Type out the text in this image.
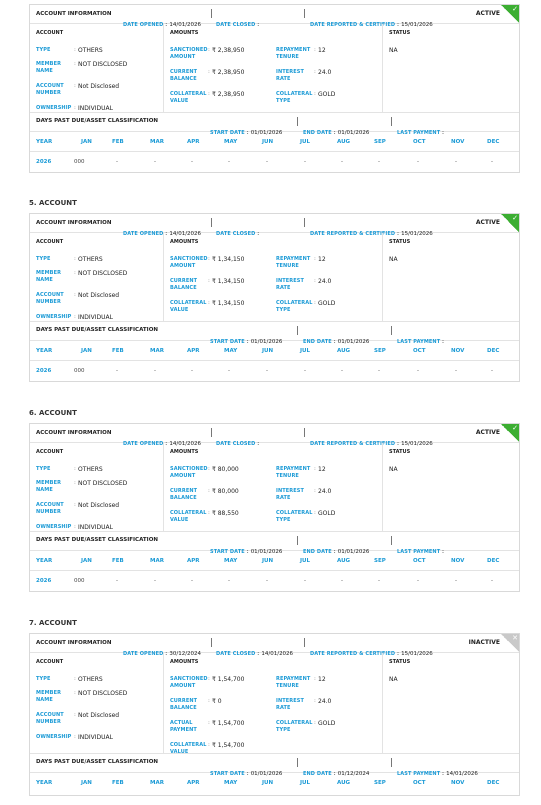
ACCOUNT INFORMATION
DATE OPENED : 14/01/2026	DATE CLOSED :	DATE REPORTED & CERTIFIED : 15/01/2026
ACTIVE
✓
ACCOUNT
TYPE	: OTHERS
MEMBER NAME
: NOT DISCLOSED
ACCOUNT NUMBER
: Not Disclosed
OWNERSHIP : INDIVIDUAL
AMOUNTS
SANCTIONED AMOUNT
: ₹ 2,38,950
CURRENT BALANCE
: ₹ 2,38,950
COLLATERAL VALUE
: ₹ 2,38,950
REPAYMENT TENURE
: 12
INTEREST RATE
: 24.0
COLLATERAL TYPE
: GOLD
STATUS
NA
DAYS PAST DUE/ASSET CLASSIFICATION
START DATE : 01/01/2026	END DATE : 01/01/2026	LAST PAYMENT :
YEAR	JAN	FEB	MAR	APR	MAY	JUN	JUL	AUG	SEP	OCT	NOV	DEC
2026	000	-	-	-	-	-	-	-	-	-	-	-
5. ACCOUNT
ACCOUNT INFORMATION
DATE OPENED : 14/01/2026	DATE CLOSED :	DATE REPORTED & CERTIFIED : 15/01/2026
ACTIVE
✓
ACCOUNT
TYPE	: OTHERS
MEMBER NAME
: NOT DISCLOSED
ACCOUNT NUMBER
: Not Disclosed
OWNERSHIP : INDIVIDUAL
AMOUNTS
SANCTIONED AMOUNT
: ₹ 1,34,150
CURRENT BALANCE
: ₹ 1,34,150
COLLATERAL VALUE
: ₹ 1,34,150
REPAYMENT TENURE
: 12
INTEREST RATE
: 24.0
COLLATERAL TYPE
: GOLD
STATUS
NA
DAYS PAST DUE/ASSET CLASSIFICATION
START DATE : 01/01/2026	END DATE : 01/01/2026	LAST PAYMENT :
YEAR	JAN	FEB	MAR	APR	MAY	JUN	JUL	AUG	SEP	OCT	NOV	DEC
2026	000	-	-	-	-	-	-	-	-	-	-	-
6. ACCOUNT
ACCOUNT INFORMATION
DATE OPENED : 14/01/2026	DATE CLOSED :	DATE REPORTED & CERTIFIED : 15/01/2026
ACTIVE
✓
ACCOUNT
TYPE	: OTHERS
MEMBER NAME
: NOT DISCLOSED
ACCOUNT NUMBER
: Not Disclosed
OWNERSHIP : INDIVIDUAL
AMOUNTS
SANCTIONED AMOUNT
: ₹ 80,000
CURRENT BALANCE
: ₹ 80,000
COLLATERAL VALUE
: ₹ 88,550
REPAYMENT TENURE
: 12
INTEREST RATE
: 24.0
COLLATERAL TYPE
: GOLD
STATUS
NA
DAYS PAST DUE/ASSET CLASSIFICATION
START DATE : 01/01/2026	END DATE : 01/01/2026	LAST PAYMENT :
YEAR	JAN	FEB	MAR	APR	MAY	JUN	JUL	AUG	SEP	OCT	NOV	DEC
2026	000	-	-	-	-	-	-	-	-	-	-	-
7. ACCOUNT
ACCOUNT INFORMATION
DATE OPENED : 30/12/2024	DATE CLOSED : 14/01/2026	DATE REPORTED & CERTIFIED : 15/01/2026
INACTIVE
✕
ACCOUNT
TYPE	: OTHERS
MEMBER NAME
: NOT DISCLOSED
ACCOUNT NUMBER
: Not Disclosed
OWNERSHIP : INDIVIDUAL
AMOUNTS
SANCTIONED AMOUNT
: ₹ 1,54,700
CURRENT BALANCE
: ₹ 0
ACTUAL PAYMENT
: ₹ 1,54,700
COLLATERAL VALUE
: ₹ 1,54,700
REPAYMENT TENURE
: 12
INTEREST RATE
: 24.0
COLLATERAL TYPE
: GOLD
STATUS
NA
DAYS PAST DUE/ASSET CLASSIFICATION
START DATE : 01/01/2026	END DATE : 01/12/2024	LAST PAYMENT : 14/01/2026
YEAR	JAN	FEB	MAR	APR	MAY	JUN	JUL	AUG	SEP	OCT	NOV	DEC
